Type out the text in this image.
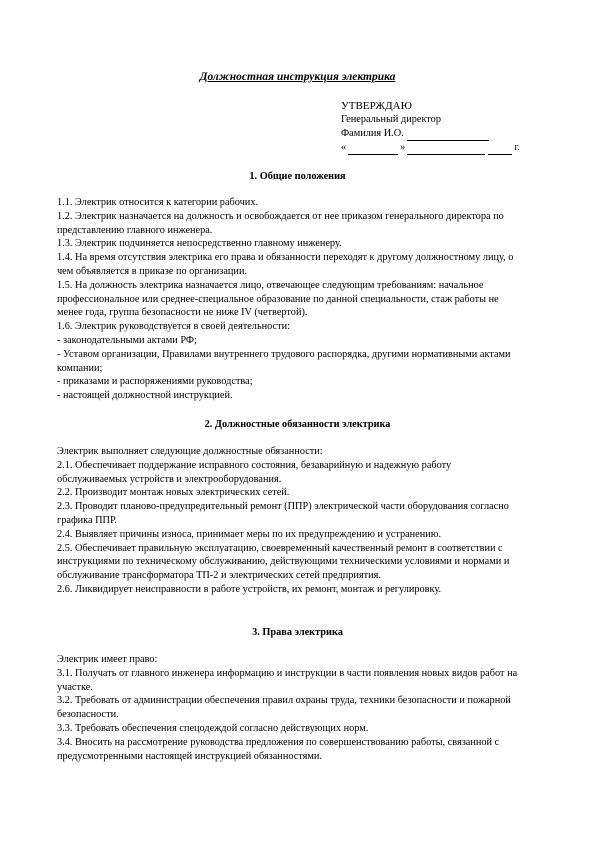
Должностная инструкция электрика
УТВЕРЖДАЮ
Генеральный директор
Фамилия И.О.
«	»	г.
1. Общие положения

1.1. Электрик относится к категории рабочих.

1.2. Электрик назначается на должность и освобождается от нее приказом генерального директора по представлению главного инженера.

1.3. Электрик подчиняется непосредственно главному инженеру.

1.4. На время отсутствия электрика его права и обязанности переходят к другому должностному лицу, о чем объявляется в приказе по организации.

1.5. На должность электрика назначается лицо, отвечающее следующим требованиям: начальное профессиональное или среднее-специальное образование по данной специальности, стаж работы не менее года, группа безопасности не ниже IV (четвертой).

1.6. Электрик руководствуется в своей деятельности:

- законодательными актами РФ;

- Уставом организации, Правилами внутреннего трудового распорядка, другими нормативными актами компании;

- приказами и распоряжениями руководства;

- настоящей должностной инструкцией.

2. Должностные обязанности электрика

Электрик выполняет следующие должностные обязанности:

2.1. Обеспечивает поддержание исправного состояния, безаварийную и надежную работу обслуживаемых устройств и электрооборудования.

2.2. Производит монтаж новых электрических сетей.

2.3. Проводит планово-предупредительный ремонт (ППР) электрической части оборудования согласно графика ППР.

2.4. Выявляет причины износа, принимает меры по их предупреждению и устранению.

2.5. Обеспечивает правильную эксплуатацию, своевременный качественный ремонт в соответствии с инструкциями по техническому обслуживанию, действующими техническими условиями и нормами и обслуживание трансформатора ТП-2 и электрических сетей предприятия.

2.6. Ликвидирует неисправности в работе устройств, их ремонт, монтаж и регулировку.

3. Права электрика

Электрик имеет право:

3.1. Получать от главного инженера информацию и инструкции в части появления новых видов работ на участке.

3.2. Требовать от администрации обеспечения правил охраны труда, техники безопасности и пожарной безопасности.

3.3. Требовать обеспечения спецодеждой согласно действующих норм.

3.4. Вносить на рассмотрение руководства предложения по совершенствованию работы, связанной с предусмотренными настоящей инструкцией обязанностями.
